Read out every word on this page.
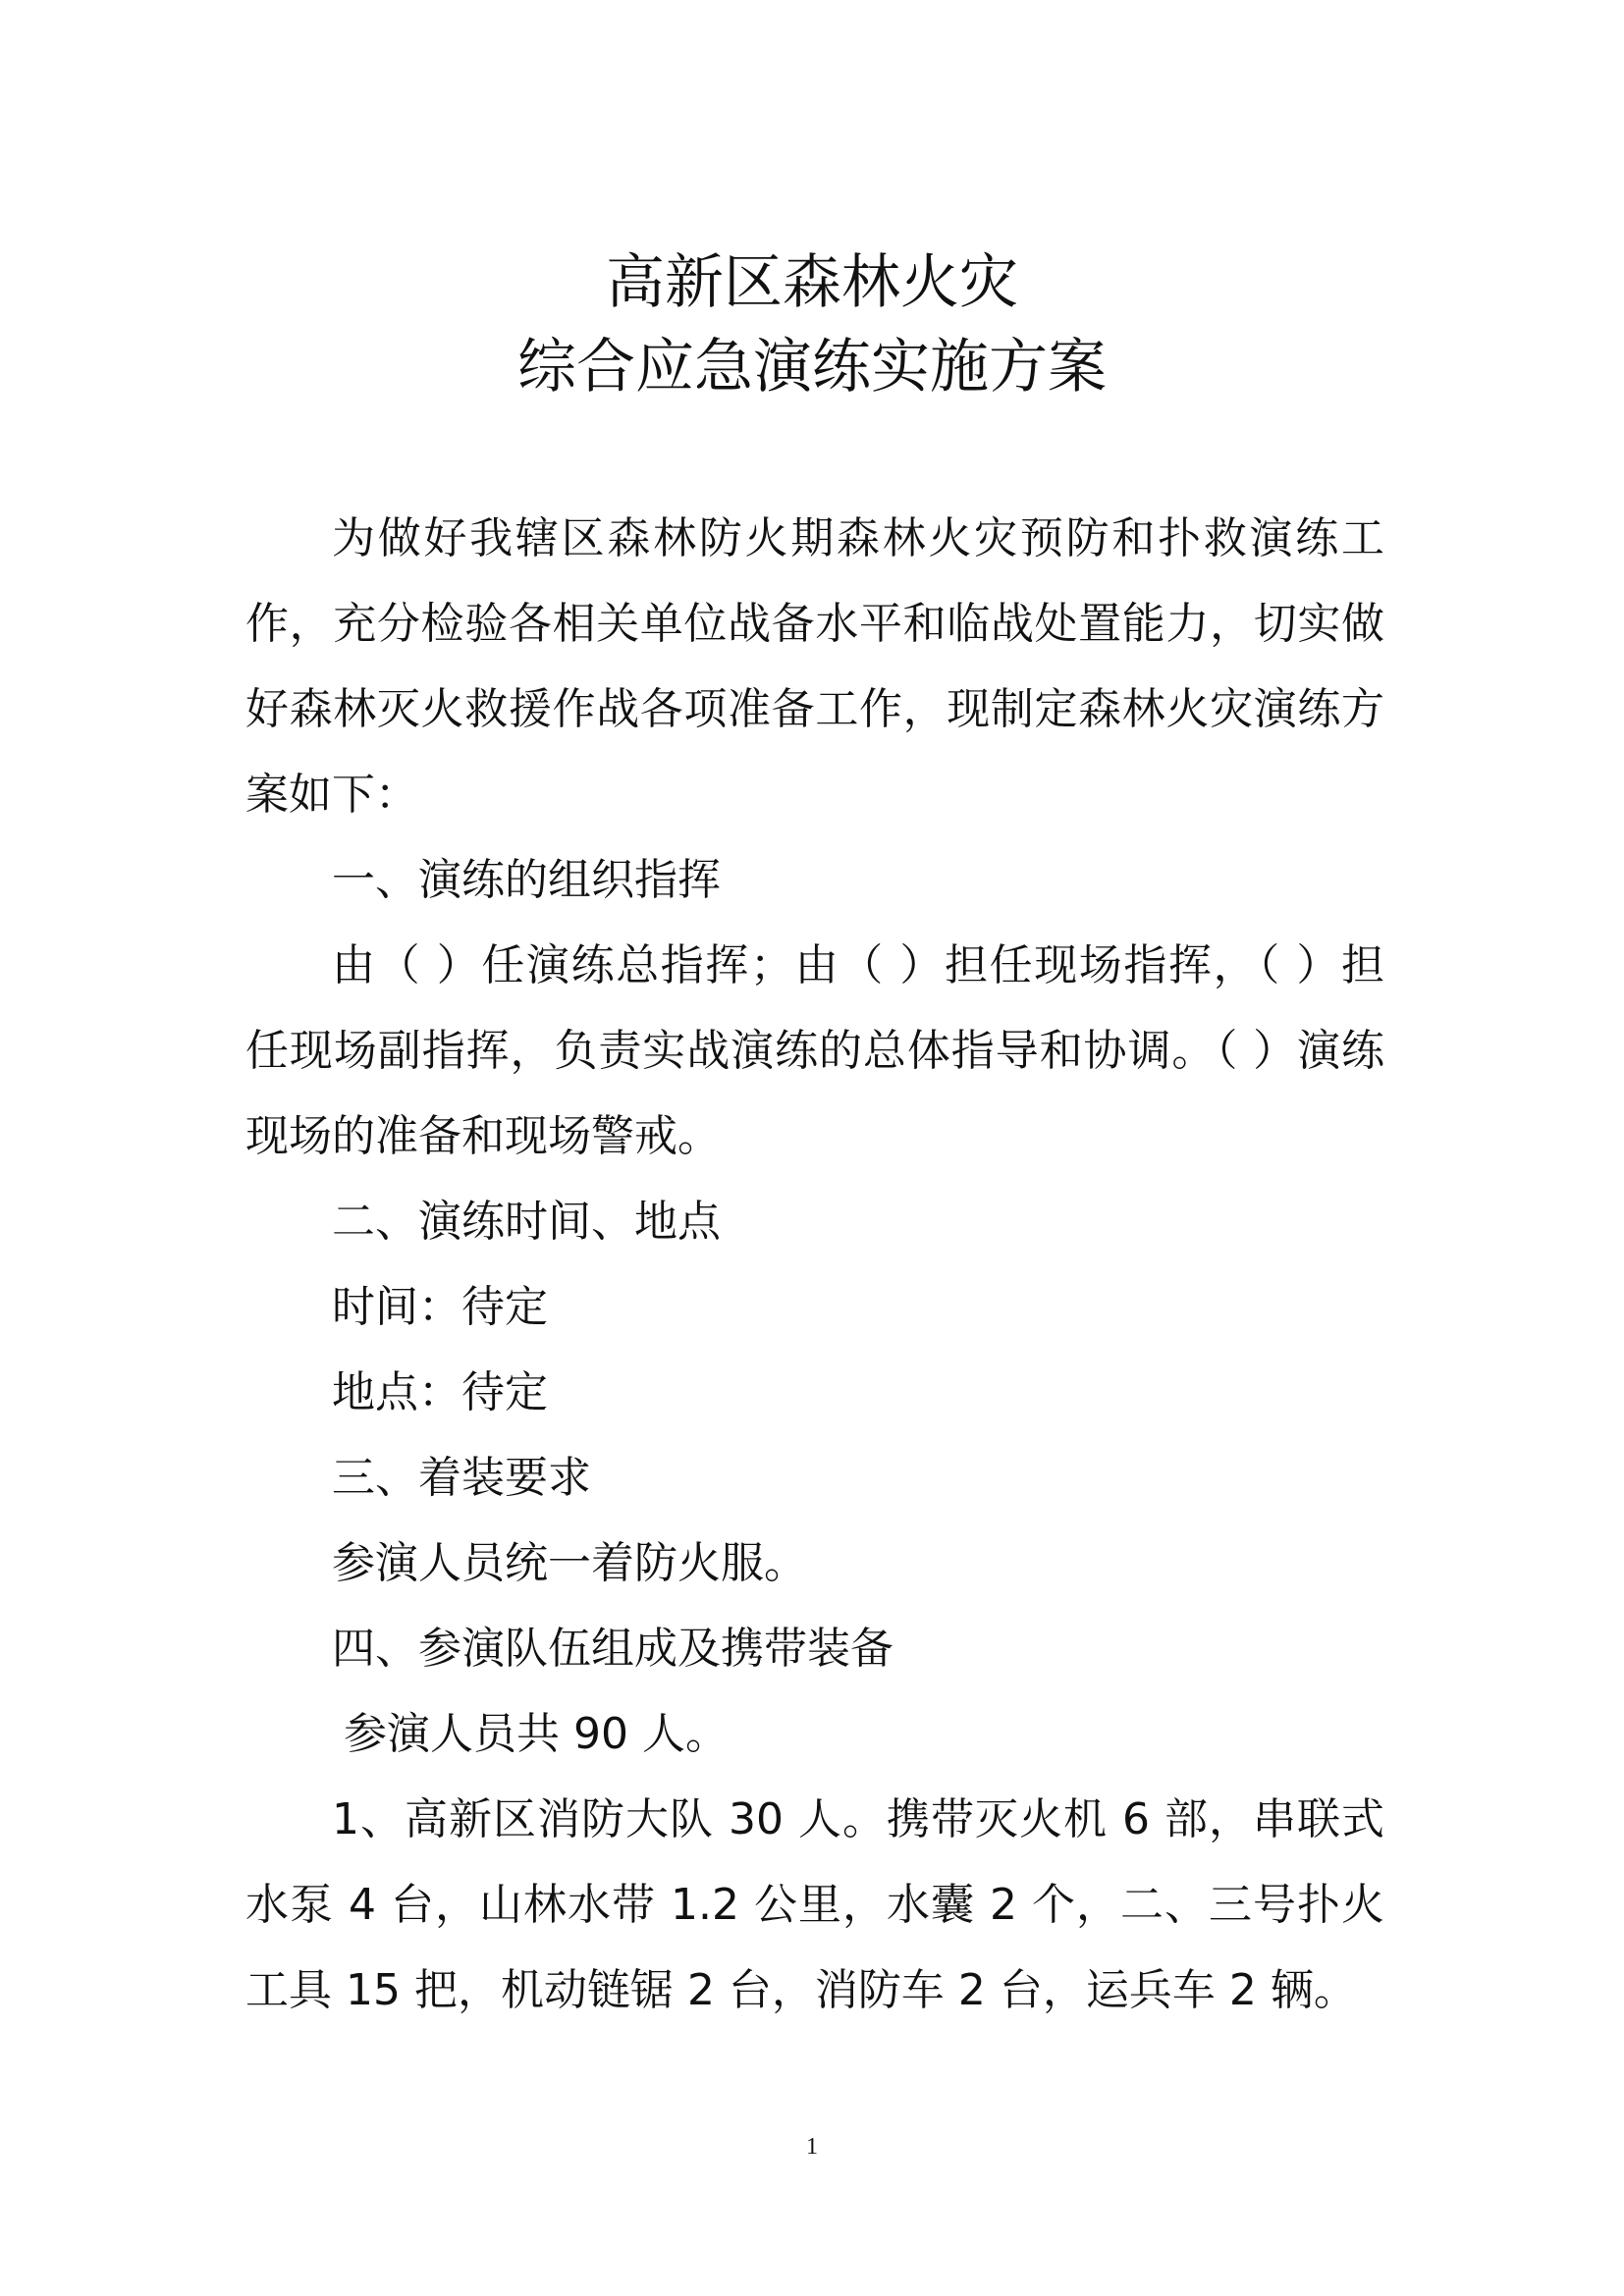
高新区森林火灾
综合应急演练实施方案

为做好我辖区森林防火期森林火灾预防和扑救演练工作，充分检验各相关单位战备水平和临战处置能力，切实做好森林灭火救援作战各项准备工作，现制定森林火灾演练方案如下：

一、演练的组织指挥

由（ ）任演练总指挥；由（ ）担任现场指挥，（ ）担任现场副指挥，负责实战演练的总体指导和协调。（ ）演练现场的准备和现场警戒。

二、演练时间、地点

时间：待定

地点：待定

三、着装要求

参演人员统一着防火服。

四、参演队伍组成及携带装备

参演人员共 90 人。

1、高新区消防大队 30 人。携带灭火机 6 部，串联式水泵 4 台，山林水带 1.2 公里，水囊 2 个，二、三号扑火工具 15 把，机动链锯 2 台，消防车 2 台，运兵车 2 辆。

1
